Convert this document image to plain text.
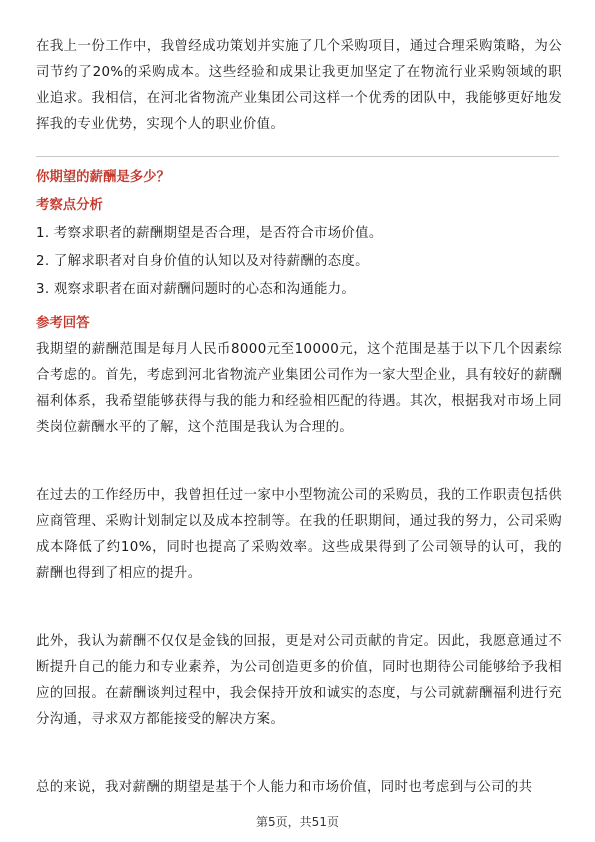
在我上一份工作中，我曾经成功策划并实施了几个采购项目，通过合理采购策略，为公司节约了20%的采购成本。这些经验和成果让我更加坚定了在物流行业采购领域的职业追求。我相信，在河北省物流产业集团公司这样一个优秀的团队中，我能够更好地发挥我的专业优势，实现个人的职业价值。

你期望的薪酬是多少？

考察点分析

1. 考察求职者的薪酬期望是否合理，是否符合市场价值。

2. 了解求职者对自身价值的认知以及对待薪酬的态度。

3. 观察求职者在面对薪酬问题时的心态和沟通能力。

参考回答

我期望的薪酬范围是每月人民币8000元至10000元，这个范围是基于以下几个因素综合考虑的。首先，考虑到河北省物流产业集团公司作为一家大型企业，具有较好的薪酬福利体系，我希望能够获得与我的能力和经验相匹配的待遇。其次，根据我对市场上同类岗位薪酬水平的了解，这个范围是我认为合理的。

在过去的工作经历中，我曾担任过一家中小型物流公司的采购员，我的工作职责包括供应商管理、采购计划制定以及成本控制等。在我的任职期间，通过我的努力，公司采购成本降低了约10%，同时也提高了采购效率。这些成果得到了公司领导的认可，我的薪酬也得到了相应的提升。

此外，我认为薪酬不仅仅是金钱的回报，更是对公司贡献的肯定。因此，我愿意通过不断提升自己的能力和专业素养，为公司创造更多的价值，同时也期待公司能够给予我相应的回报。在薪酬谈判过程中，我会保持开放和诚实的态度，与公司就薪酬福利进行充分沟通，寻求双方都能接受的解决方案。

总的来说，我对薪酬的期望是基于个人能力和市场价值，同时也考虑到与公司的共

第5页，共51页
